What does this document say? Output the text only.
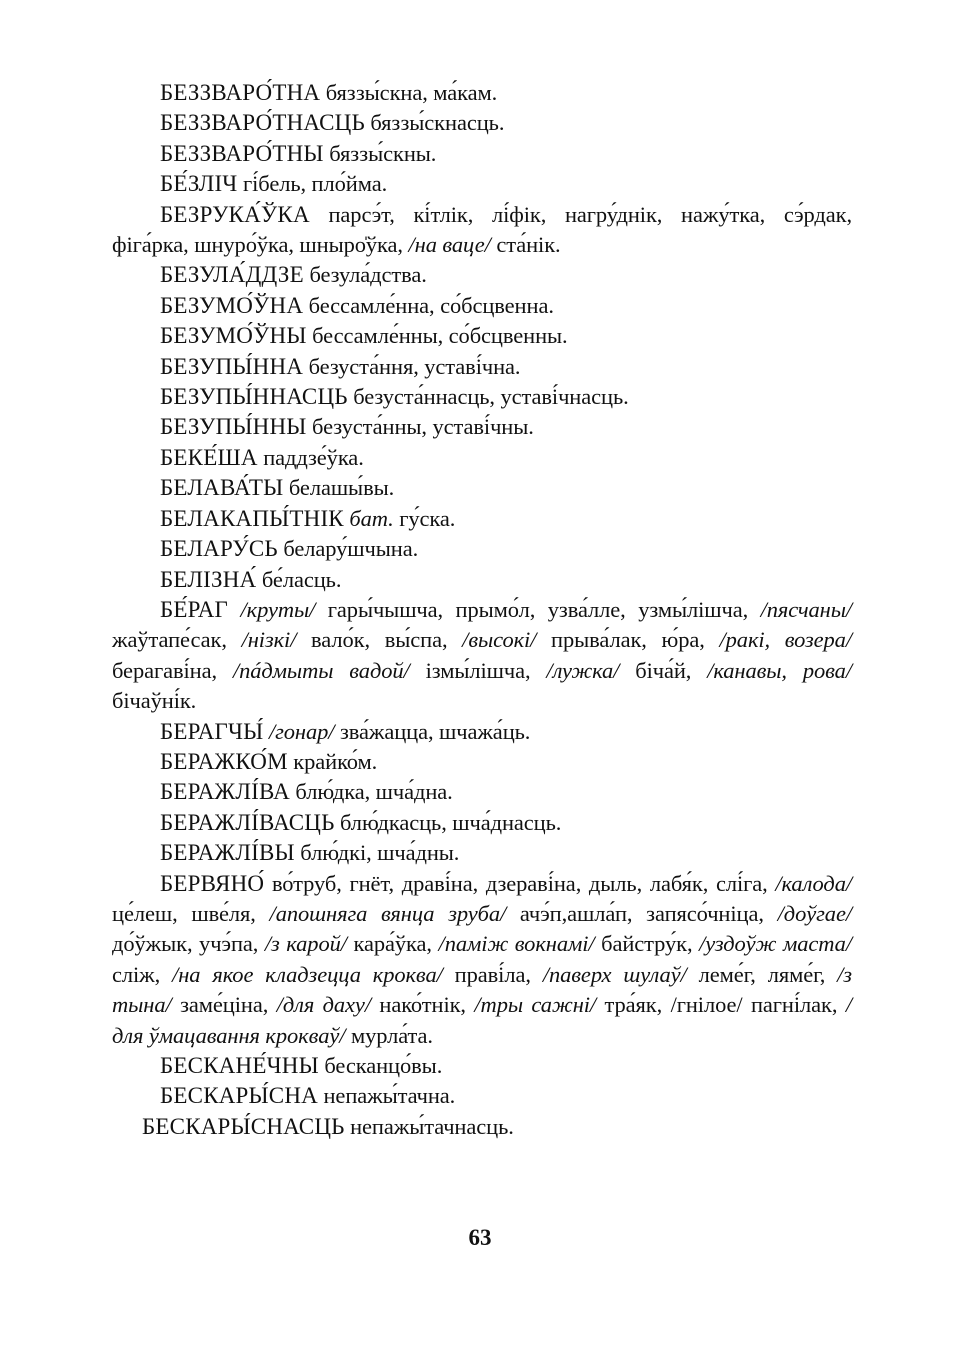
БЕЗЗВАРО́ТНА бяззы́скна, ма́кам.

БЕЗЗВАРО́ТНАСЦЬ бяззы́скнасць.

БЕЗЗВАРО́ТНЫ бяззы́скны.

БЕ́ЗЛІЧ гі́бель, пло́йма.

БЕЗРУКА́ЎКА парсэ́т, кі́тлік, лі́фік, нагру́днік, нажу́тка, сэ́рдак, фіга́рка, шнуро́ўка, шнырo̍ўка, /на ваце/ ста́нік.

БЕЗУЛА́ДДЗЕ безула́дства.

БЕЗУМО́ЎНА бессамле́нна, со́бсцвенна.

БЕЗУМО́ЎНЫ бессамле́нны, со́бсцвенны.

БЕЗУПЫ́ННА безуста́ння, уставі́чна.

БЕЗУПЫ́ННАСЦЬ безуста́ннасць, уставі́чнасць.

БЕЗУПЫ́ННЫ безуста́нны, уставі́чны.

БЕКЕ́ША паддзе́ўка.

БЕЛАВА́ТЫ белашы́вы.

БЕЛАКАПЫ́ТНІК бат. гу́ска.

БЕЛАРУ́СЬ белару́шчына.

БЕЛІЗНА́ бе́ласць.

БЕ́РАГ /круты/ гары́чышча, прымо́л, узва́лле, узмы́лішча, /пясчаны/ жаўтапе́сак, /нізкі/ вало́к, вы́спа, /высокі/ прыва́лак, ю́ра, /ракі, возера/ берагаві́на, /пáдмыты вадой/ ізмы́лішча, /лужка/ біча́й, /канавы, рова/ бічаўні́к.

БЕРАГЧЫ́ /гонар/ зва́жацца, шчажа́ць.

БЕРАЖКО́М крайко́м.

БЕРАЖЛІ́ВА блю́дка, шча́дна.

БЕРАЖЛІ́ВАСЦЬ блю́дкасць, шча́днасць.

БЕРАЖЛІ́ВЫ блю́дкі, шча́дны.

БЕРВЯНО́ во́труб, гнёт, драві́на, дзераві́на, дыль, лабя́к, слі́га, /калода/ це́леш, шве́ля, /апошняга вянца зруба/ ачэ́п,ашла́п, запясо́чніца, /доўгае/ до́ўжык, учэ́па, /з карой/ кара́ўка, /паміж вокнамі/ байстру́к, /уздоўж маста/ сліж, /на якое кладзецца кроква/ праві́ла, /паверх шулаў/ леме́г, ляме́г, /з тына/ заме́ціна, /для даху/ нако́тнік, /тры сажні/ тра́як, /гнілое/ пагні́лак, /для ўмацавання кроквaў/ мурла́та.

БЕСКАНЕ́ЧНЫ бесканцо́вы.

БЕСКАРЫ́СНА непажы́тачна.

БЕСКАРЫ́СНАСЦЬ непажы́тачнасць.

63
